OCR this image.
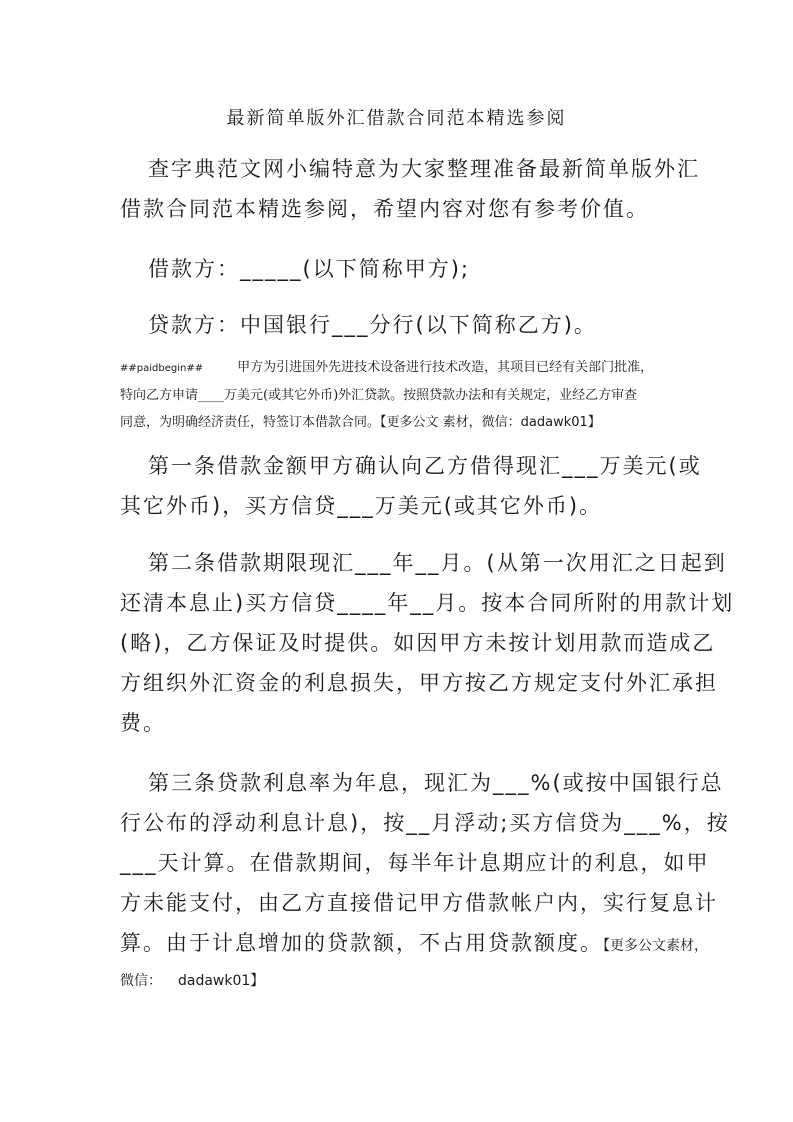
最新简单版外汇借款合同范本精选参阅

查字典范文网小编特意为大家整理准备最新简单版外汇
借款合同范本精选参阅，希望内容对您有参考价值。

借款方：_____(以下简称甲方);

贷款方：中国银行___分行(以下简称乙方)。

##paidbegin##	甲方为引进国外先进技术设备进行技术改造，其项目已经有关部门批准，
特向乙方申请____万美元(或其它外币)外汇贷款。按照贷款办法和有关规定，业经乙方审查
同意，为明确经济责任，特签订本借款合同。【更多公文 素材，微信：dadawk01】

第一条借款金额甲方确认向乙方借得现汇___万美元(或
其它外币)，买方信贷___万美元(或其它外币)。

第二条借款期限现汇___年__月。(从第一次用汇之日起到
还清本息止)买方信贷____年__月。按本合同所附的用款计划
(略)，乙方保证及时提供。如因甲方未按计划用款而造成乙
方组织外汇资金的利息损失，甲方按乙方规定支付外汇承担
费。

第三条贷款利息率为年息，现汇为___%(或按中国银行总
行公布的浮动利息计息)，按__月浮动;买方信贷为___%，按
___天计算。在借款期间，每半年计息期应计的利息，如甲
方未能支付，由乙方直接借记甲方借款帐户内，实行复息计
算。由于计息增加的贷款额，不占用贷款额度。【更多公文素材，

微信： dadawk01】
